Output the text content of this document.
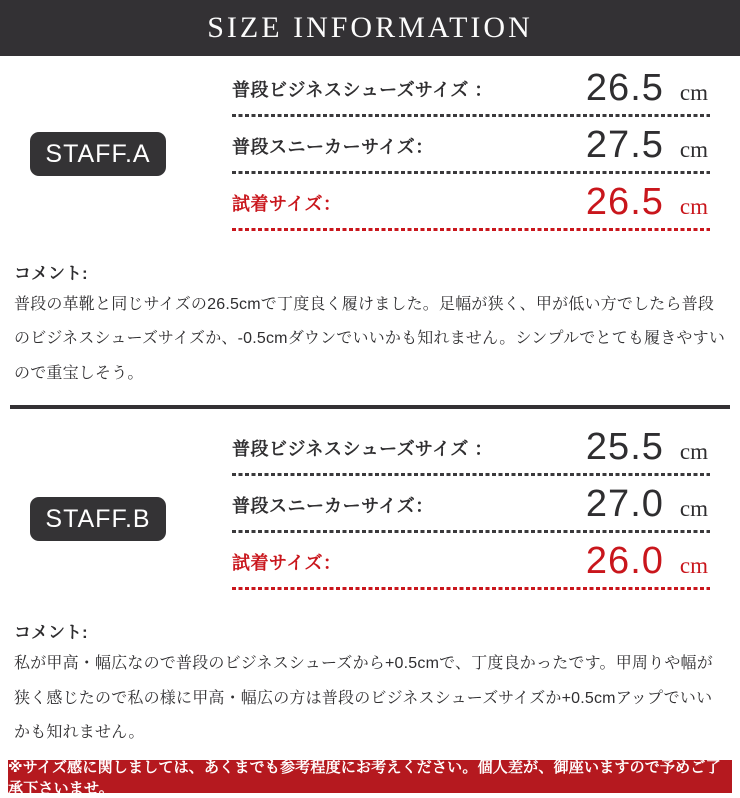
SIZE INFORMATION
STAFF.A
普段ビジネスシューズサイズ ： 26.5 cm
普段スニーカーサイズ：	27.5 cm
試着サイズ：	26.5 cm
コメント:

普段の革靴と同じサイズの26.5cmで丁度良く履けました。足幅が狭く、甲が低い方でしたら普段のビジネスシューズサイズか、-0.5cmダウンでいいかも知れません。シンプルでとても履きやすいので重宝しそう。

STAFF.B
普段ビジネスシューズサイズ ： 25.5 cm
普段スニーカーサイズ：	27.0 cm
試着サイズ：	26.0 cm
コメント:

私が甲高・幅広なので普段のビジネスシューズから+0.5cmで、丁度良かったです。甲周りや幅が狭く感じたので私の様に甲高・幅広の方は普段のビジネスシューズサイズか+0.5cmアップでいいかも知れません。

※サイズ感に関しましては、あくまでも参考程度にお考えください。個人差が、御座いますので予めご了承下さいませ。
